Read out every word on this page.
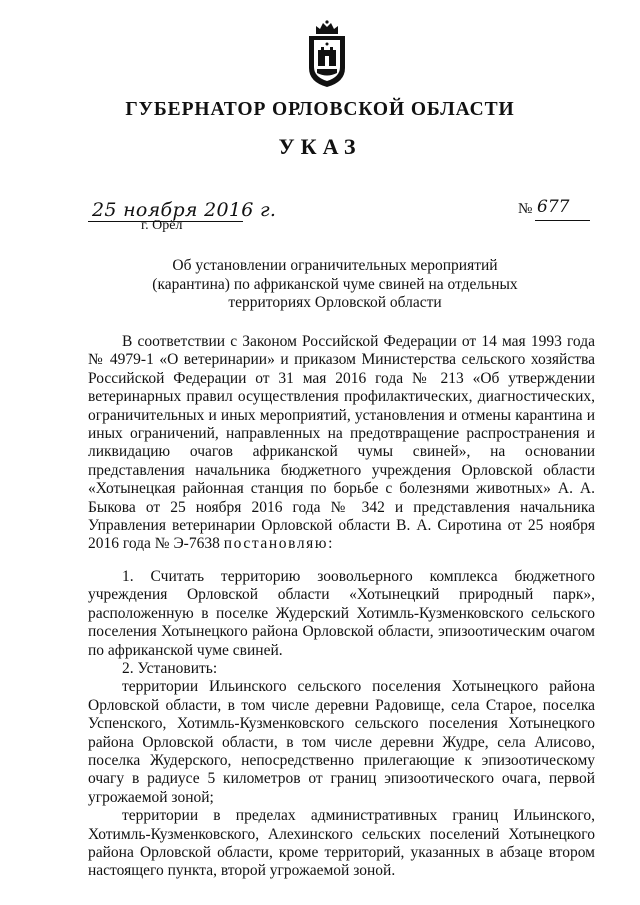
ГУБЕРНАТОР ОРЛОВСКОЙ ОБЛАСТИ
УКАЗ
25 ноября 2016 г.
г. Орёл
№ 677
Об установлении ограничительных мероприятий
(карантина) по африканской чуме свиней на отдельных
территориях Орловской области

В соответствии с Законом Российской Федерации от 14 мая 1993 года № 4979-1 «О ветеринарии» и приказом Министерства сельского хозяйства Российской Федерации от 31 мая 2016 года № 213 «Об утверждении ветеринарных правил осуществления профилактических, диагностических, ограничительных и иных мероприятий, установления и отмены карантина и иных ограничений, направленных на предотвращение распространения и ликвидацию очагов африканской чумы свиней», на основании представления начальника бюджетного учреждения Орловской области «Хотынецкая районная станция по борьбе с болезнями животных» А. А. Быкова от 25 ноября 2016 года № 342 и представления начальника Управления ветеринарии Орловской области В. А. Сиротина от 25 ноября 2016 года № Э-7638 постановляю:

1. Считать территорию зоовольерного комплекса бюджетного учреждения Орловской области «Хотынецкий природный парк», расположенную в поселке Жудерский Хотимль-Кузменковского сельского поселения Хотынецкого района Орловской области, эпизоотическим очагом по африканской чуме свиней.

2. Установить:

территории Ильинского сельского поселения Хотынецкого района Орловской области, в том числе деревни Радовище, села Старое, поселка Успенского, Хотимль-Кузменковского сельского поселения Хотынецкого района Орловской области, в том числе деревни Жудре, села Алисово, поселка Жудерского, непосредственно прилегающие к эпизоотическому очагу в радиусе 5 километров от границ эпизоотического очага, первой угрожаемой зоной;

территории в пределах административных границ Ильинского, Хотимль-Кузменковского, Алехинского сельских поселений Хотынецкого района Орловской области, кроме территорий, указанных в абзаце втором настоящего пункта, второй угрожаемой зоной.
